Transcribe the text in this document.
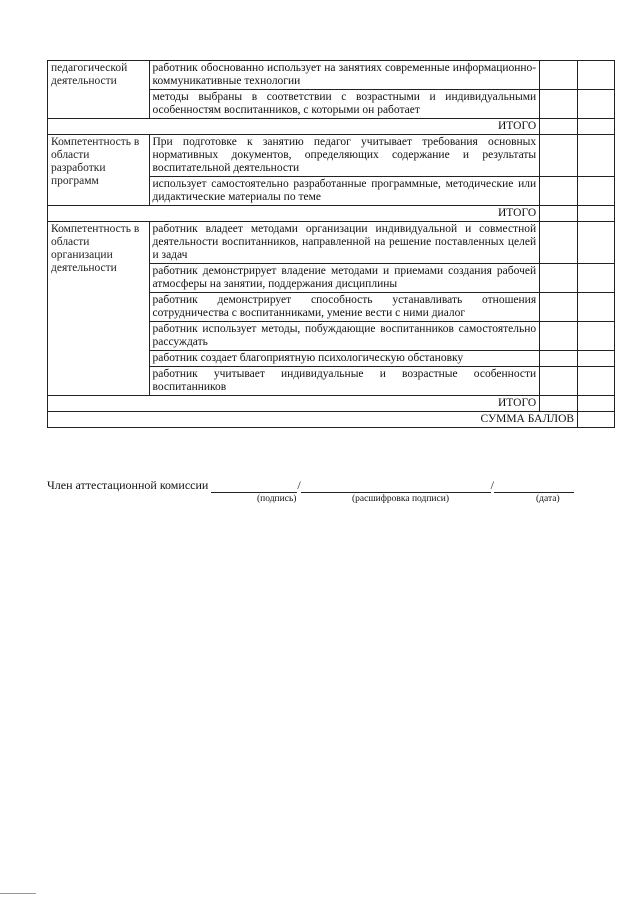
педагогической деятельности	работник обоснованно использует на занятиях современные информационно-коммуникативные технологии		
	методы выбраны в соответствии с возрастными и индивидуальными особенностям воспитанников, с которыми он работает		
ИТОГО			
Компетентность в области разработки программ	При подготовке к занятию педагог учитывает требования основных нормативных документов, определяющих содержание и результаты воспитательной деятельности		
	использует самостоятельно разработанные программные, методические или дидактические материалы по теме		
ИТОГО			
Компетентность в области организации деятельности	работник владеет методами организации индивидуальной и совместной деятельности воспитанников, направленной на решение поставленных целей и задач		
	работник демонстрирует владение методами и приемами создания рабочей атмосферы на занятии, поддержания дисциплины		
	работник демонстрирует способность устанавливать отношения сотрудничества с воспитанниками, умение вести с ними диалог		
	работник использует методы, побуждающие воспитанников самостоятельно рассуждать		
	работник создает благоприятную психологическую обстановку		
	работник учитывает индивидуальные и возрастные особенности воспитанников		
ИТОГО			
СУММА БАЛЛОВ			
Член аттестационной комиссии	/	/
(подпись)	(расшифровка подписи)	(дата)
